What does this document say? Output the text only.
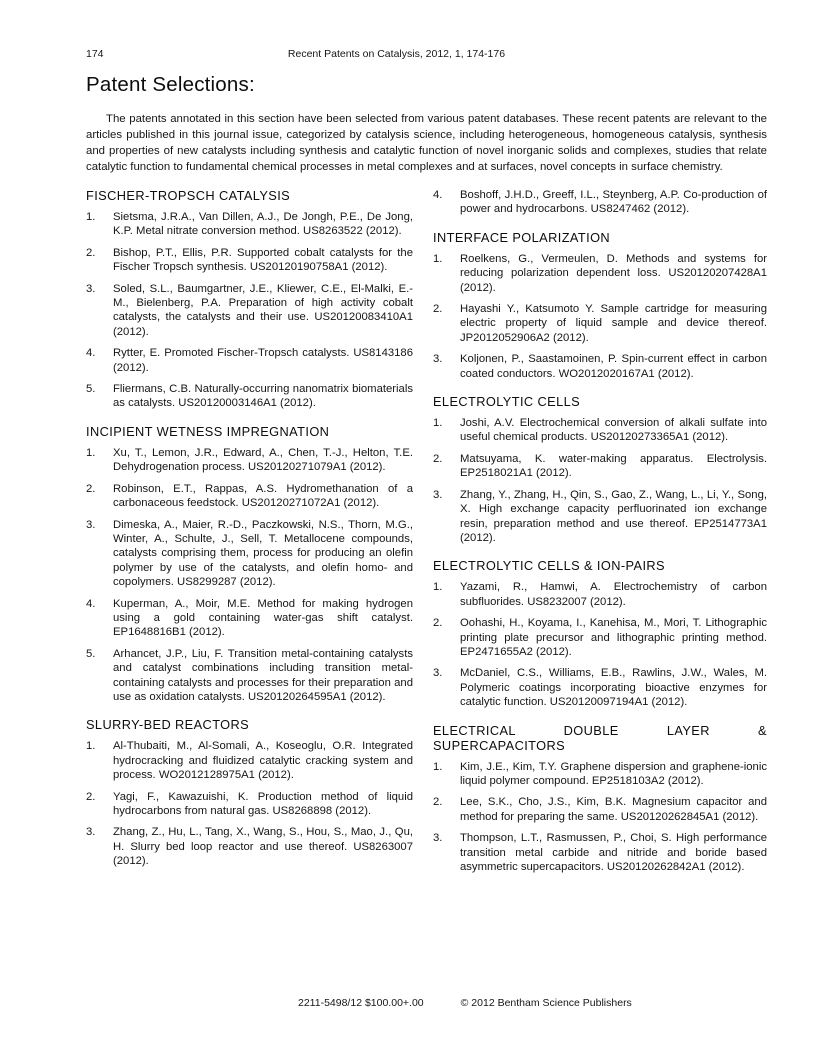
174	Recent Patents on Catalysis, 2012, 1, 174-176
Patent Selections:

The patents annotated in this section have been selected from various patent databases. These recent patents are relevant to the articles published in this journal issue, categorized by catalysis science, including heterogeneous, homogeneous catalysis, synthesis and properties of new catalysts including synthesis and catalytic function of novel inorganic solids and complexes, studies that relate catalytic function to fundamental chemical processes in metal complexes and at surfaces, novel concepts in surface chemistry.

FISCHER-TROPSCH CATALYSIS
1. Sietsma, J.R.A., Van Dillen, A.J., De Jongh, P.E., De Jong, K.P. Metal nitrate conversion method. US8263522 (2012).
2. Bishop, P.T., Ellis, P.R. Supported cobalt catalysts for the Fischer Tropsch synthesis. US20120190758A1 (2012).
3. Soled, S.L., Baumgartner, J.E., Kliewer, C.E., El-Malki, E.-M., Bielenberg, P.A. Preparation of high activity cobalt catalysts, the catalysts and their use. US20120083410A1 (2012).
4. Rytter, E. Promoted Fischer-Tropsch catalysts. US8143186 (2012).
5. Fliermans, C.B. Naturally-occurring nanomatrix biomaterials as catalysts. US20120003146A1 (2012).
INCIPIENT WETNESS IMPREGNATION
1. Xu, T., Lemon, J.R., Edward, A., Chen, T.-J., Helton, T.E. Dehydrogenation process. US20120271079A1 (2012).
2. Robinson, E.T., Rappas, A.S. Hydromethanation of a carbonaceous feedstock. US20120271072A1 (2012).
3. Dimeska, A., Maier, R.-D., Paczkowski, N.S., Thorn, M.G., Winter, A., Schulte, J., Sell, T. Metallocene compounds, catalysts comprising them, process for producing an olefin polymer by use of the catalysts, and olefin homo- and copolymers. US8299287 (2012).
4. Kuperman, A., Moir, M.E. Method for making hydrogen using a gold containing water-gas shift catalyst. EP1648816B1 (2012).
5. Arhancet, J.P., Liu, F. Transition metal-containing catalysts and catalyst combinations including transition metal-containing catalysts and processes for their preparation and use as oxidation catalysts. US20120264595A1 (2012).
SLURRY-BED REACTORS
1. Al-Thubaiti, M., Al-Somali, A., Koseoglu, O.R. Integrated hydrocracking and fluidized catalytic cracking system and process. WO2012128975A1 (2012).
2. Yagi, F., Kawazuishi, K. Production method of liquid hydrocarbons from natural gas. US8268898 (2012).
3. Zhang, Z., Hu, L., Tang, X., Wang, S., Hou, S., Mao, J., Qu, H. Slurry bed loop reactor and use thereof. US8263007 (2012).
4. Boshoff, J.H.D., Greeff, I.L., Steynberg, A.P. Co-production of power and hydrocarbons. US8247462 (2012).
INTERFACE POLARIZATION
1. Roelkens, G., Vermeulen, D. Methods and systems for reducing polarization dependent loss. US20120207428A1 (2012).
2. Hayashi Y., Katsumoto Y. Sample cartridge for measuring electric property of liquid sample and device thereof. JP2012052906A2 (2012).
3. Koljonen, P., Saastamoinen, P. Spin-current effect in carbon coated conductors. WO2012020167A1 (2012).
ELECTROLYTIC CELLS
1. Joshi, A.V. Electrochemical conversion of alkali sulfate into useful chemical products. US20120273365A1 (2012).
2. Matsuyama, K. water-making apparatus. Electrolysis. EP2518021A1 (2012).
3. Zhang, Y., Zhang, H., Qin, S., Gao, Z., Wang, L., Li, Y., Song, X. High exchange capacity perfluorinated ion exchange resin, preparation method and use thereof. EP2514773A1 (2012).
ELECTROLYTIC CELLS & ION-PAIRS
1. Yazami, R., Hamwi, A. Electrochemistry of carbon subfluorides. US8232007 (2012).
2. Oohashi, H., Koyama, I., Kanehisa, M., Mori, T. Lithographic printing plate precursor and lithographic printing method. EP2471655A2 (2012).
3. McDaniel, C.S., Williams, E.B., Rawlins, J.W., Wales, M. Polymeric coatings incorporating bioactive enzymes for catalytic function. US20120097194A1 (2012).
ELECTRICAL DOUBLE LAYER & SUPERCAPACITORS
1. Kim, J.E., Kim, T.Y. Graphene dispersion and graphene-ionic liquid polymer compound. EP2518103A2 (2012).
2. Lee, S.K., Cho, J.S., Kim, B.K. Magnesium capacitor and method for preparing the same. US20120262845A1 (2012).
3. Thompson, L.T., Rasmussen, P., Choi, S. High performance transition metal carbide and nitride and boride based asymmetric supercapacitors. US20120262842A1 (2012).
2211-5498/12 $100.00+.00	© 2012 Bentham Science Publishers
